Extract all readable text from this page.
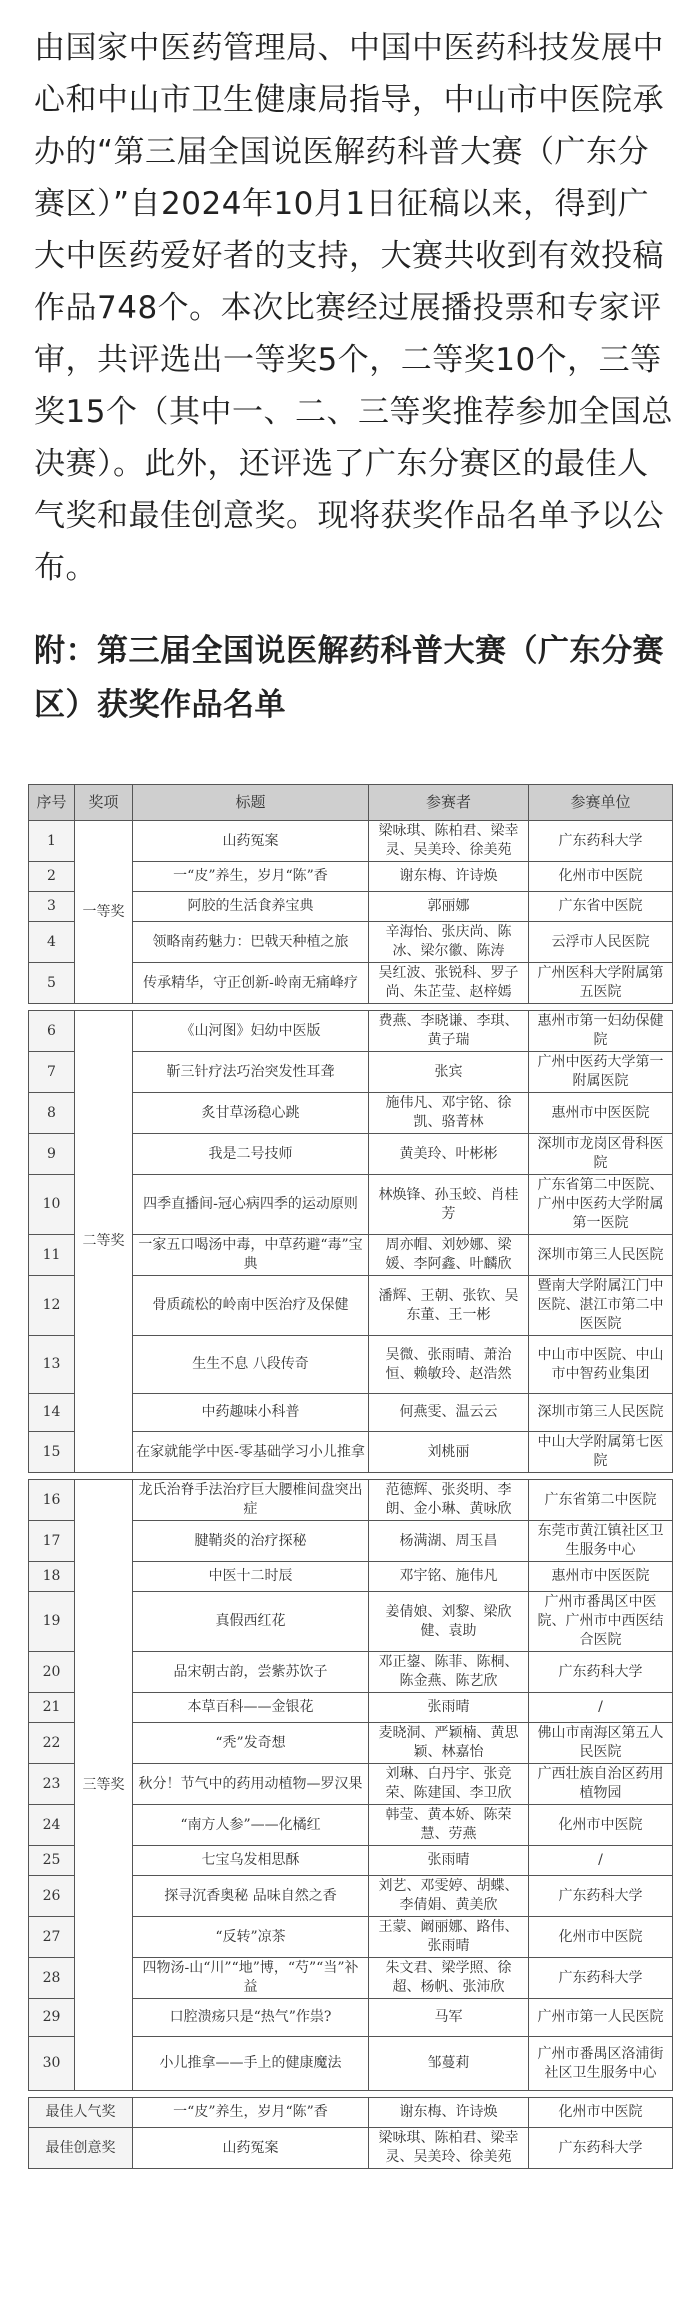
由国家中医药管理局、中国中医药科技发展中心和中山市卫生健康局指导，中山市中医院承办的“第三届全国说医解药科普大赛（广东分赛区）”自2024年10月1日征稿以来，得到广大中医药爱好者的支持，大赛共收到有效投稿作品748个。本次比赛经过展播投票和专家评审，共评选出一等奖5个，二等奖10个，三等奖15个（其中一、二、三等奖推荐参加全国总决赛）。此外，还评选了广东分赛区的最佳人气奖和最佳创意奖。现将获奖作品名单予以公布。
附：第三届全国说医解药科普大赛（广东分赛区）获奖作品名单
序号	奖项	标题	参赛者	参赛单位
1	一等奖	山药冤案	梁咏琪、陈柏君、梁幸灵、吴美玲、徐美苑	广东药科大学
2		一“皮”养生，岁月“陈”香	谢东梅、许诗焕	化州市中医院
3		阿胶的生活食养宝典	郭丽娜	广东省中医院
4		领略南药魅力：巴戟天种植之旅	辛海怡、张庆尚、陈冰、梁尔徽、陈涛	云浮市人民医院
5		传承精华，守正创新-岭南无痛峰疗	吴红波、张锐科、罗子尚、朱芷莹、赵梓嫣	广州医科大学附属第五医院

6	二等奖	《山河图》妇幼中医版	费燕、李晓谦、李琪、黄子瑞	惠州市第一妇幼保健院
7		靳三针疗法巧治突发性耳聋	张宾	广州中医药大学第一附属医院
8		炙甘草汤稳心跳	施伟凡、邓宇铭、徐凯、骆菁林	惠州市中医医院
9		我是二号技师	黄美玲、叶彬彬	深圳市龙岗区骨科医院
10		四季直播间-冠心病四季的运动原则	林焕锋、孙玉蛟、肖桂芳	广东省第二中医院、广州中医药大学附属第一医院
11		一家五口喝汤中毒，中草药避“毒”宝典	周亦帽、刘妙娜、梁媛、李阿鑫、叶麟欣	深圳市第三人民医院
12		骨质疏松的岭南中医治疗及保健	潘辉、王朝、张钦、吴东董、王一彬	暨南大学附属江门中医院、湛江市第二中医医院
13		生生不息 八段传奇	吴微、张雨晴、萧治恒、赖敏玲、赵浩然	中山市中医院、中山市中智药业集团
14		中药趣味小科普	何燕雯、温云云	深圳市第三人民医院
15		在家就能学中医-零基础学习小儿推拿	刘桃丽	中山大学附属第七医院

16	三等奖	龙氏治脊手法治疗巨大腰椎间盘突出症	范德辉、张炎明、李朗、金小琳、黄咏欣	广东省第二中医院
17		腱鞘炎的治疗探秘	杨满湖、周玉昌	东莞市黄江镇社区卫生服务中心
18		中医十二时辰	邓宇铭、施伟凡	惠州市中医医院
19		真假西红花	姜倩娘、刘黎、梁欣健、袁助	广州市番禺区中医院、广州市中西医结合医院
20		品宋朝古韵，尝紫苏饮子	邓正鋆、陈菲、陈桐、陈金燕、陈艺欣	广东药科大学
21		本草百科——金银花	张雨晴	/
22		“秃”发奇想	麦晓洞、严颖楠、黄思颖、林嘉怡	佛山市南海区第五人民医院
23		秋分！节气中的药用动植物—罗汉果	刘琳、白丹宇、张竞荣、陈建国、李卫欣	广西壮族自治区药用植物园
24		“南方人参”——化橘红	韩莹、黄本娇、陈荣慧、劳燕	化州市中医院
25		七宝乌发相思酥	张雨晴	/
26		探寻沉香奥秘 品味自然之香	刘艺、邓雯婷、胡蝶、李倩娟、黄美欣	广东药科大学
27		“反转”凉茶	王蒙、阚丽娜、路伟、张雨晴	化州市中医院
28		四物汤-山“川”“地”博，“芍”“当”补益	朱文君、梁学照、徐超、杨帆、张沛欣	广东药科大学
29		口腔溃疡只是“热气”作祟?	马军	广州市第一人民医院
30		小儿推拿——手上的健康魔法	邹蔓莉	广州市番禺区洛浦街社区卫生服务中心

最佳人气奖		一“皮”养生，岁月“陈”香	谢东梅、许诗焕	化州市中医院
最佳创意奖		山药冤案	梁咏琪、陈柏君、梁幸灵、吴美玲、徐美苑	广东药科大学
